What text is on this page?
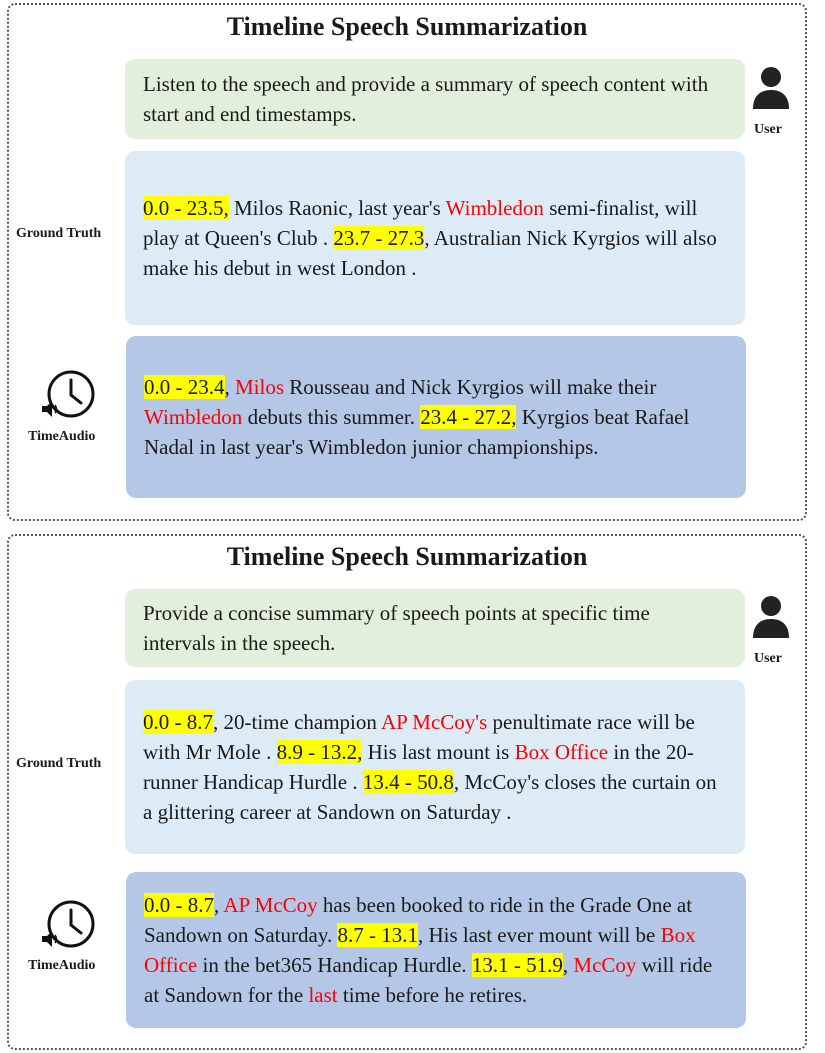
Timeline Speech Summarization
Listen to the speech and provide a summary of speech content with start and end timestamps.
User
Ground Truth
0.0 - 23.5, Milos Raonic, last year's Wimbledon semi-finalist, will play at Queen's Club . 23.7 - 27.3, Australian Nick Kyrgios will also make his debut in west London .
TimeAudio
0.0 - 23.4, Milos Rousseau and Nick Kyrgios will make their Wimbledon debuts this summer. 23.4 - 27.2, Kyrgios beat Rafael Nadal in last year's Wimbledon junior championships.
Timeline Speech Summarization
Provide a concise summary of speech points at specific time intervals in the speech.
User
Ground Truth
0.0 - 8.7, 20-time champion AP McCoy's penultimate race will be with Mr Mole . 8.9 - 13.2, His last mount is Box Office in the 20-runner Handicap Hurdle . 13.4 - 50.8, McCoy's closes the curtain on a glittering career at Sandown on Saturday .
TimeAudio
0.0 - 8.7, AP McCoy has been booked to ride in the Grade One at Sandown on Saturday. 8.7 - 13.1, His last ever mount will be Box Office in the bet365 Handicap Hurdle. 13.1 - 51.9, McCoy will ride at Sandown for the last time before he retires.
